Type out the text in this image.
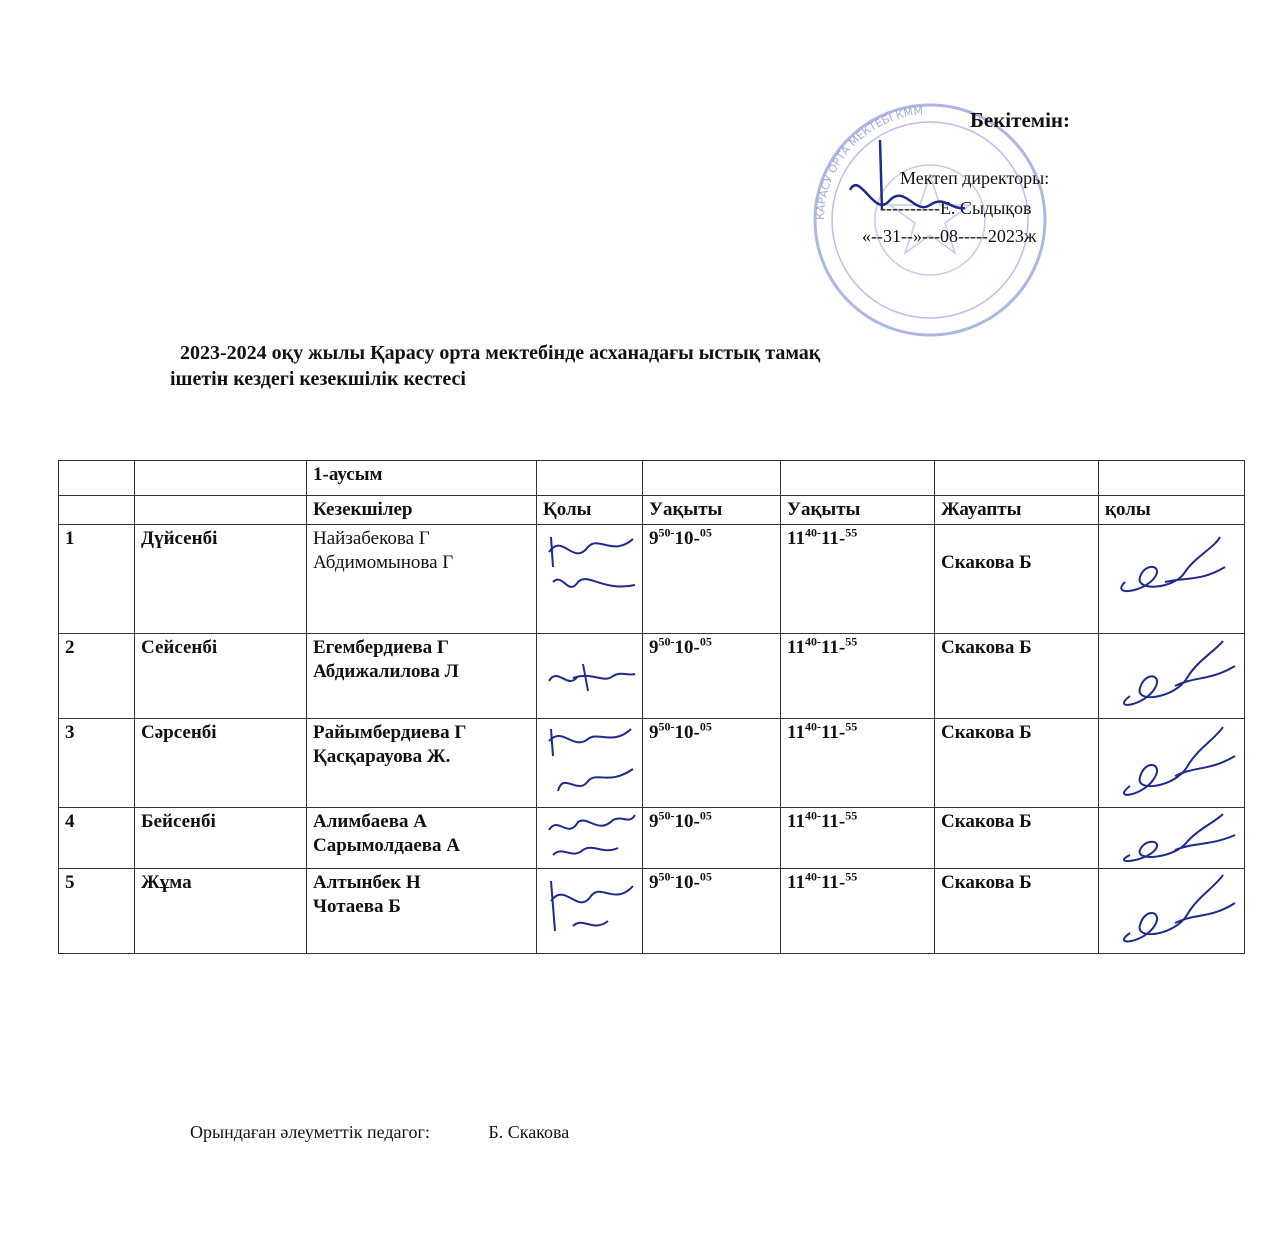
КАРАСУ ОРТА МЕКТЕБІ КММ Бекітемін:
Мектеп директоры:
----------Е. Сыдықов
«--31--»---08-----2023ж
2023-2024 оқу жылы Қарасу орта мектебінде асханадағы ыстық тамақ
ішетін кездегі кезекшілік кестесі
		1-аусым					
		Кезекшілер	Қолы	Уақыты	Уақыты	Жауапты	қолы
1	Дүйсенбі	Найзабекова Г
Абдимомынова Г		$9^{50-}10-^{05}$	$11^{40-}11-^{55}$	Скакова Б	

2	Сейсенбі	Егембердиева Г
Абдижалилова Л		$9^{50-}10-^{05}$	$11^{40-}11-^{55}$	Скакова Б	

3	Сәрсенбі	Райымбердиева Г
Қасқарауова Ж.		$9^{50-}10-^{05}$	$11^{40-}11-^{55}$	Скакова Б	

4	Бейсенбі	Алимбаева А
Сарымолдаева А		$9^{50-}10-^{05}$	$11^{40-}11-^{55}$	Скакова Б	

5	Жұма	Алтынбек Н
Чотаева Б		$9^{50-}10-^{05}$	$11^{40-}11-^{55}$	Скакова Б	
Орындаған әлеуметтік педагог:	Б. Скакова
